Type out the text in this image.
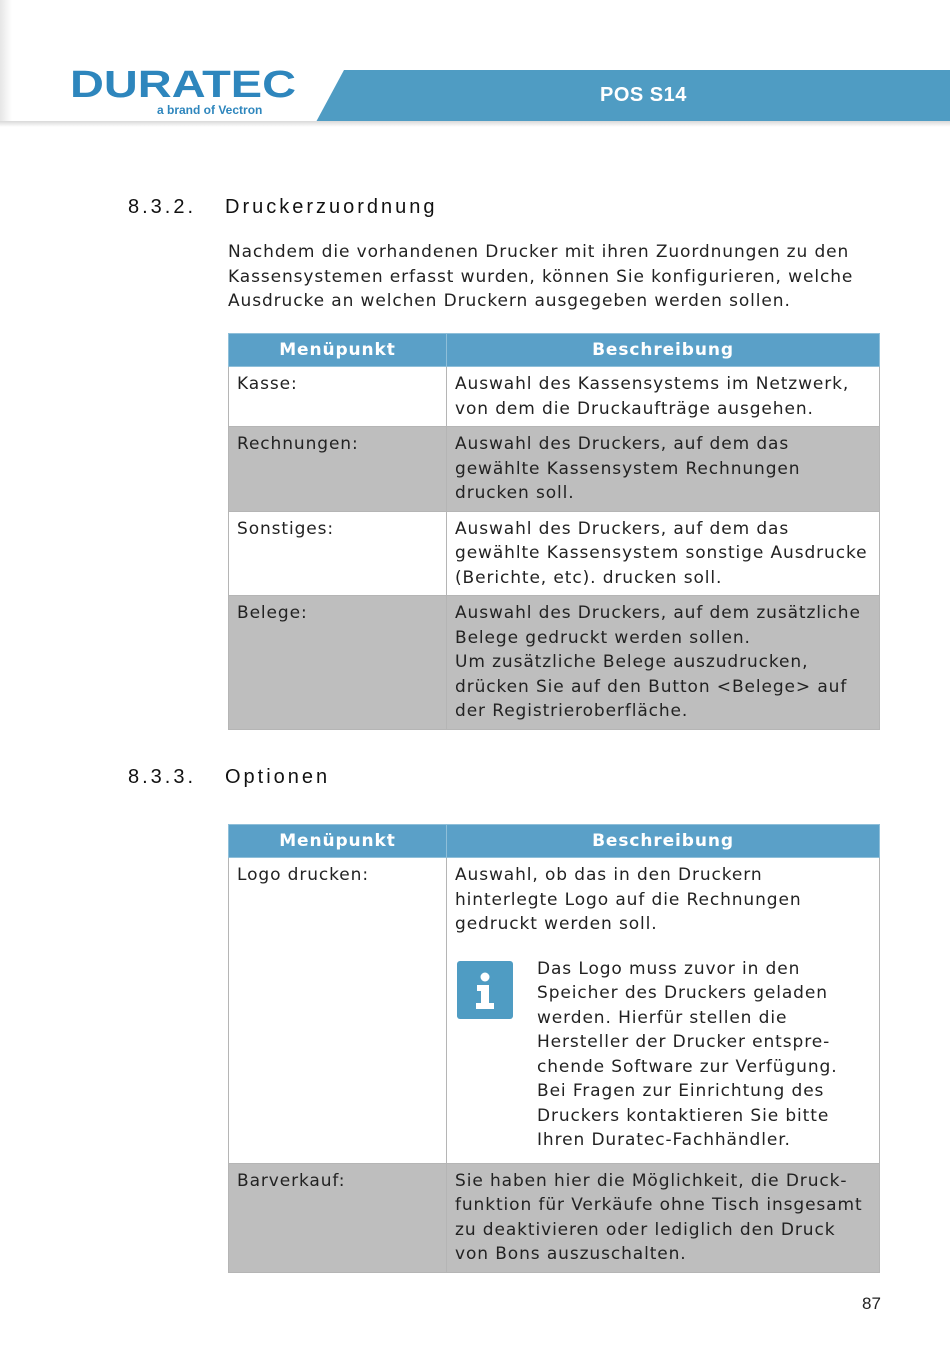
DURATEC
a brand of Vectron
POS S14
8.3.2. Druckerzuordnung
Nachdem die vorhandenen Drucker mit ihren Zuordnungen zu den Kassensystemen erfasst wurden, können Sie konfigurieren, welche Ausdrucke an welchen Druckern ausgegeben werden sollen.
Menüpunkt	Beschreibung
Kasse:	Auswahl des Kassensystems im Netzwerk, von dem die Druckaufträge ausgehen.
Rechnungen:	Auswahl des Druckers, auf dem das gewählte Kassensystem Rechnungen drucken soll.
Sonstiges:	Auswahl des Druckers, auf dem das gewählte Kassensystem sonstige Ausdrucke (Berichte, etc). drucken soll.
Belege:	Auswahl des Druckers, auf dem zusätzliche Belege gedruckt werden sollen.
Um zusätzliche Belege auszudrucken, drücken Sie auf den Button <Belege> auf der Registrieroberfläche.
8.3.3. Optionen
Menüpunkt	Beschreibung
Logo drucken:	Auswahl, ob das in den Druckern hinterlegte Logo auf die Rechnungen gedruckt werden soll.
Das Logo muss zuvor in den Speicher des Druckers geladen werden. Hierfür stellen die Hersteller der Drucker entspre-chende Software zur Verfügung. Bei Fragen zur Einrichtung des Druckers kontaktieren Sie bitte Ihren Duratec-Fachhändler.

Barverkauf:	Sie haben hier die Möglichkeit, die Druck-funktion für Verkäufe ohne Tisch insgesamt zu deaktivieren oder lediglich den Druck von Bons auszuschalten.
87
